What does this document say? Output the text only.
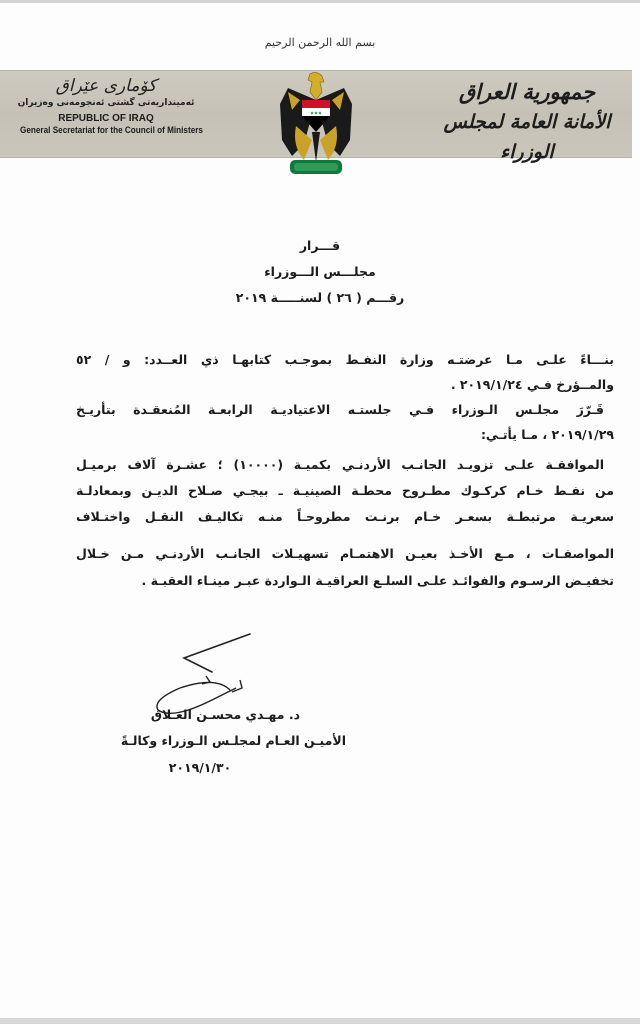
بسم الله الرحمن الرحيم
کۆماری عێراق
ئەمینداریەتی گشتی ئەنجومەنی وەزیران
REPUBLIC OF IRAQ
General Secretariat for the Council of Ministers
جمهورية العراق
الأمانة العامة لمجلس الوزراء
★★★
قـــرار
مجلـــس الـــوزراء
رقـــم ( ٢٦ ) لسنـــــة ٢٠١٩
بنـــاءً علـى مـا عرضتـه وزارة النفـط بموجـب كتابهـا ذي العــدد: و / ٥٢
والمــؤرخ فـي ٢٠١٩/١/٢٤ .
قَـرّرَ مجلـس الـوزراء فـي جلستـه الاعتياديـة الرابعـة المُنعقـدة بتأريـخ
٢٠١٩/١/٢٩ ، مـا يأتـي:
الموافقـة علـى تزويـد الجانـب الأردنـي بكميـة (١٠٠٠٠) ؛ عشـرة آلاف برميـل
من نفـط خـام كركـوك مطـروح محطـة الصينيـة ـ بيجـي صـلاح الديـن وبمعادلـة
سعريـة مرتبطـة بسعـر خـام برنـت مطروحـاً منـه تكاليـف النقـل واختـلاف
المواصفـات ، مـع الأخـذ بعيـن الاهتمـام تسهيـلات الجانـب الأردنـي مـن خـلال
تخفيـض الرسـوم والفوائـد علـى السلـع العراقيـة الـواردة عبـر مينـاء العقبـة .
د. مهـدي محسـن العـلاق
الأميـن العـام لمجلـس الـوزراء وكالـةً
٢٠١٩/١/٣٠
